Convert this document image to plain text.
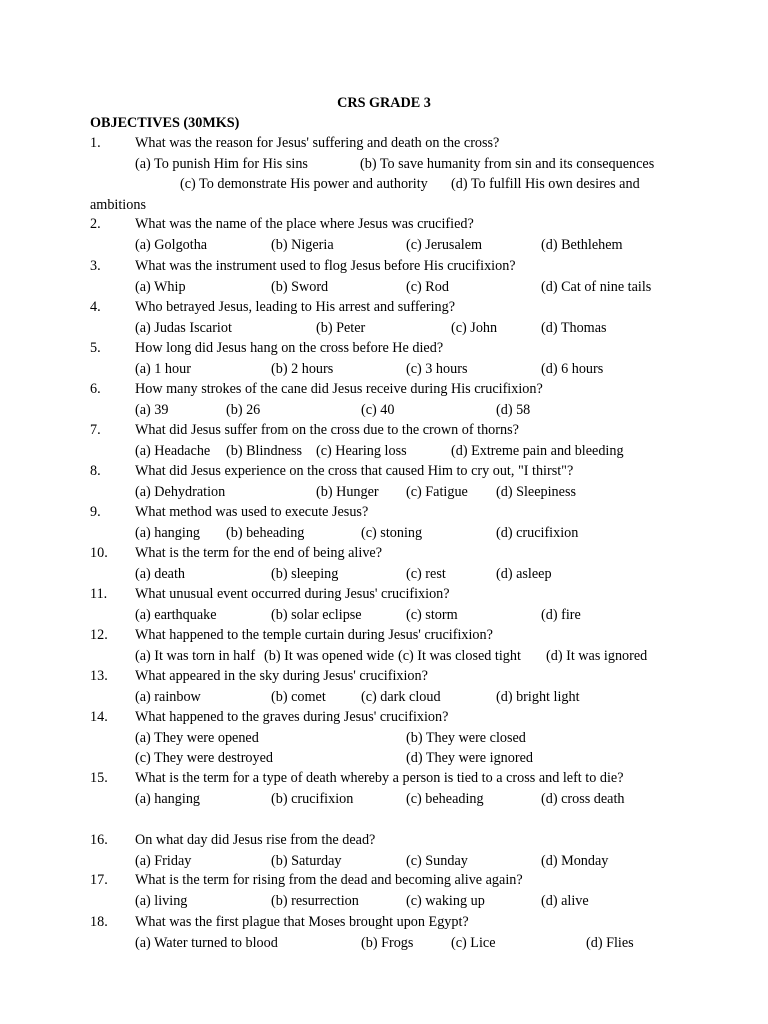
CRS GRADE 3
OBJECTIVES (30MKS)
1. What was the reason for Jesus' suffering and death on the cross?
(a) To punish Him for His sins	(b) To save humanity from sin and its consequences
(c) To demonstrate His power and authority (d) To fulfill His own desires and
ambitions
2. What was the name of the place where Jesus was crucified?
(a) Golgotha	(b) Nigeria	(c) Jerusalem	(d) Bethlehem
3. What was the instrument used to flog Jesus before His crucifixion?
(a) Whip	(b) Sword	(c) Rod	(d) Cat of nine tails
4. Who betrayed Jesus, leading to His arrest and suffering?
(a) Judas Iscariot	(b) Peter	(c) John	(d) Thomas
5. How long did Jesus hang on the cross before He died?
(a) 1 hour	(b) 2 hours	(c) 3 hours	(d) 6 hours
6. How many strokes of the cane did Jesus receive during His crucifixion?
(a) 39	(b) 26	(c) 40	(d) 58
7. What did Jesus suffer from on the cross due to the crown of thorns?
(a) Headache (b) Blindness (c) Hearing loss	(d) Extreme pain and bleeding
8. What did Jesus experience on the cross that caused Him to cry out, "I thirst"?
(a) Dehydration	(b) Hunger (c) Fatigue (d) Sleepiness
9. What method was used to execute Jesus?
(a) hanging (b) beheading	(c) stoning	(d) crucifixion
10. What is the term for the end of being alive?
(a) death	(b) sleeping	(c) rest	(d) asleep
11. What unusual event occurred during Jesus' crucifixion?
(a) earthquake	(b) solar eclipse	(c) storm	(d) fire
12. What happened to the temple curtain during Jesus' crucifixion?
(a) It was torn in half (b) It was opened wide (c) It was closed tight (d) It was ignored
13. What appeared in the sky during Jesus' crucifixion?
(a) rainbow	(b) comet (c) dark cloud	(d) bright light
14. What happened to the graves during Jesus' crucifixion?
(a) They were opened	(b) They were closed
(c) They were destroyed	(d) They were ignored
15. What is the term for a type of death whereby a person is tied to a cross and left to die?
(a) hanging	(b) crucifixion	(c) beheading	(d) cross death
16. On what day did Jesus rise from the dead?
(a) Friday	(b) Saturday	(c) Sunday	(d) Monday
17. What is the term for rising from the dead and becoming alive again?
(a) living	(b) resurrection	(c) waking up	(d) alive
18. What was the first plague that Moses brought upon Egypt?
(a) Water turned to blood	(b) Frogs	(c) Lice	(d) Flies
